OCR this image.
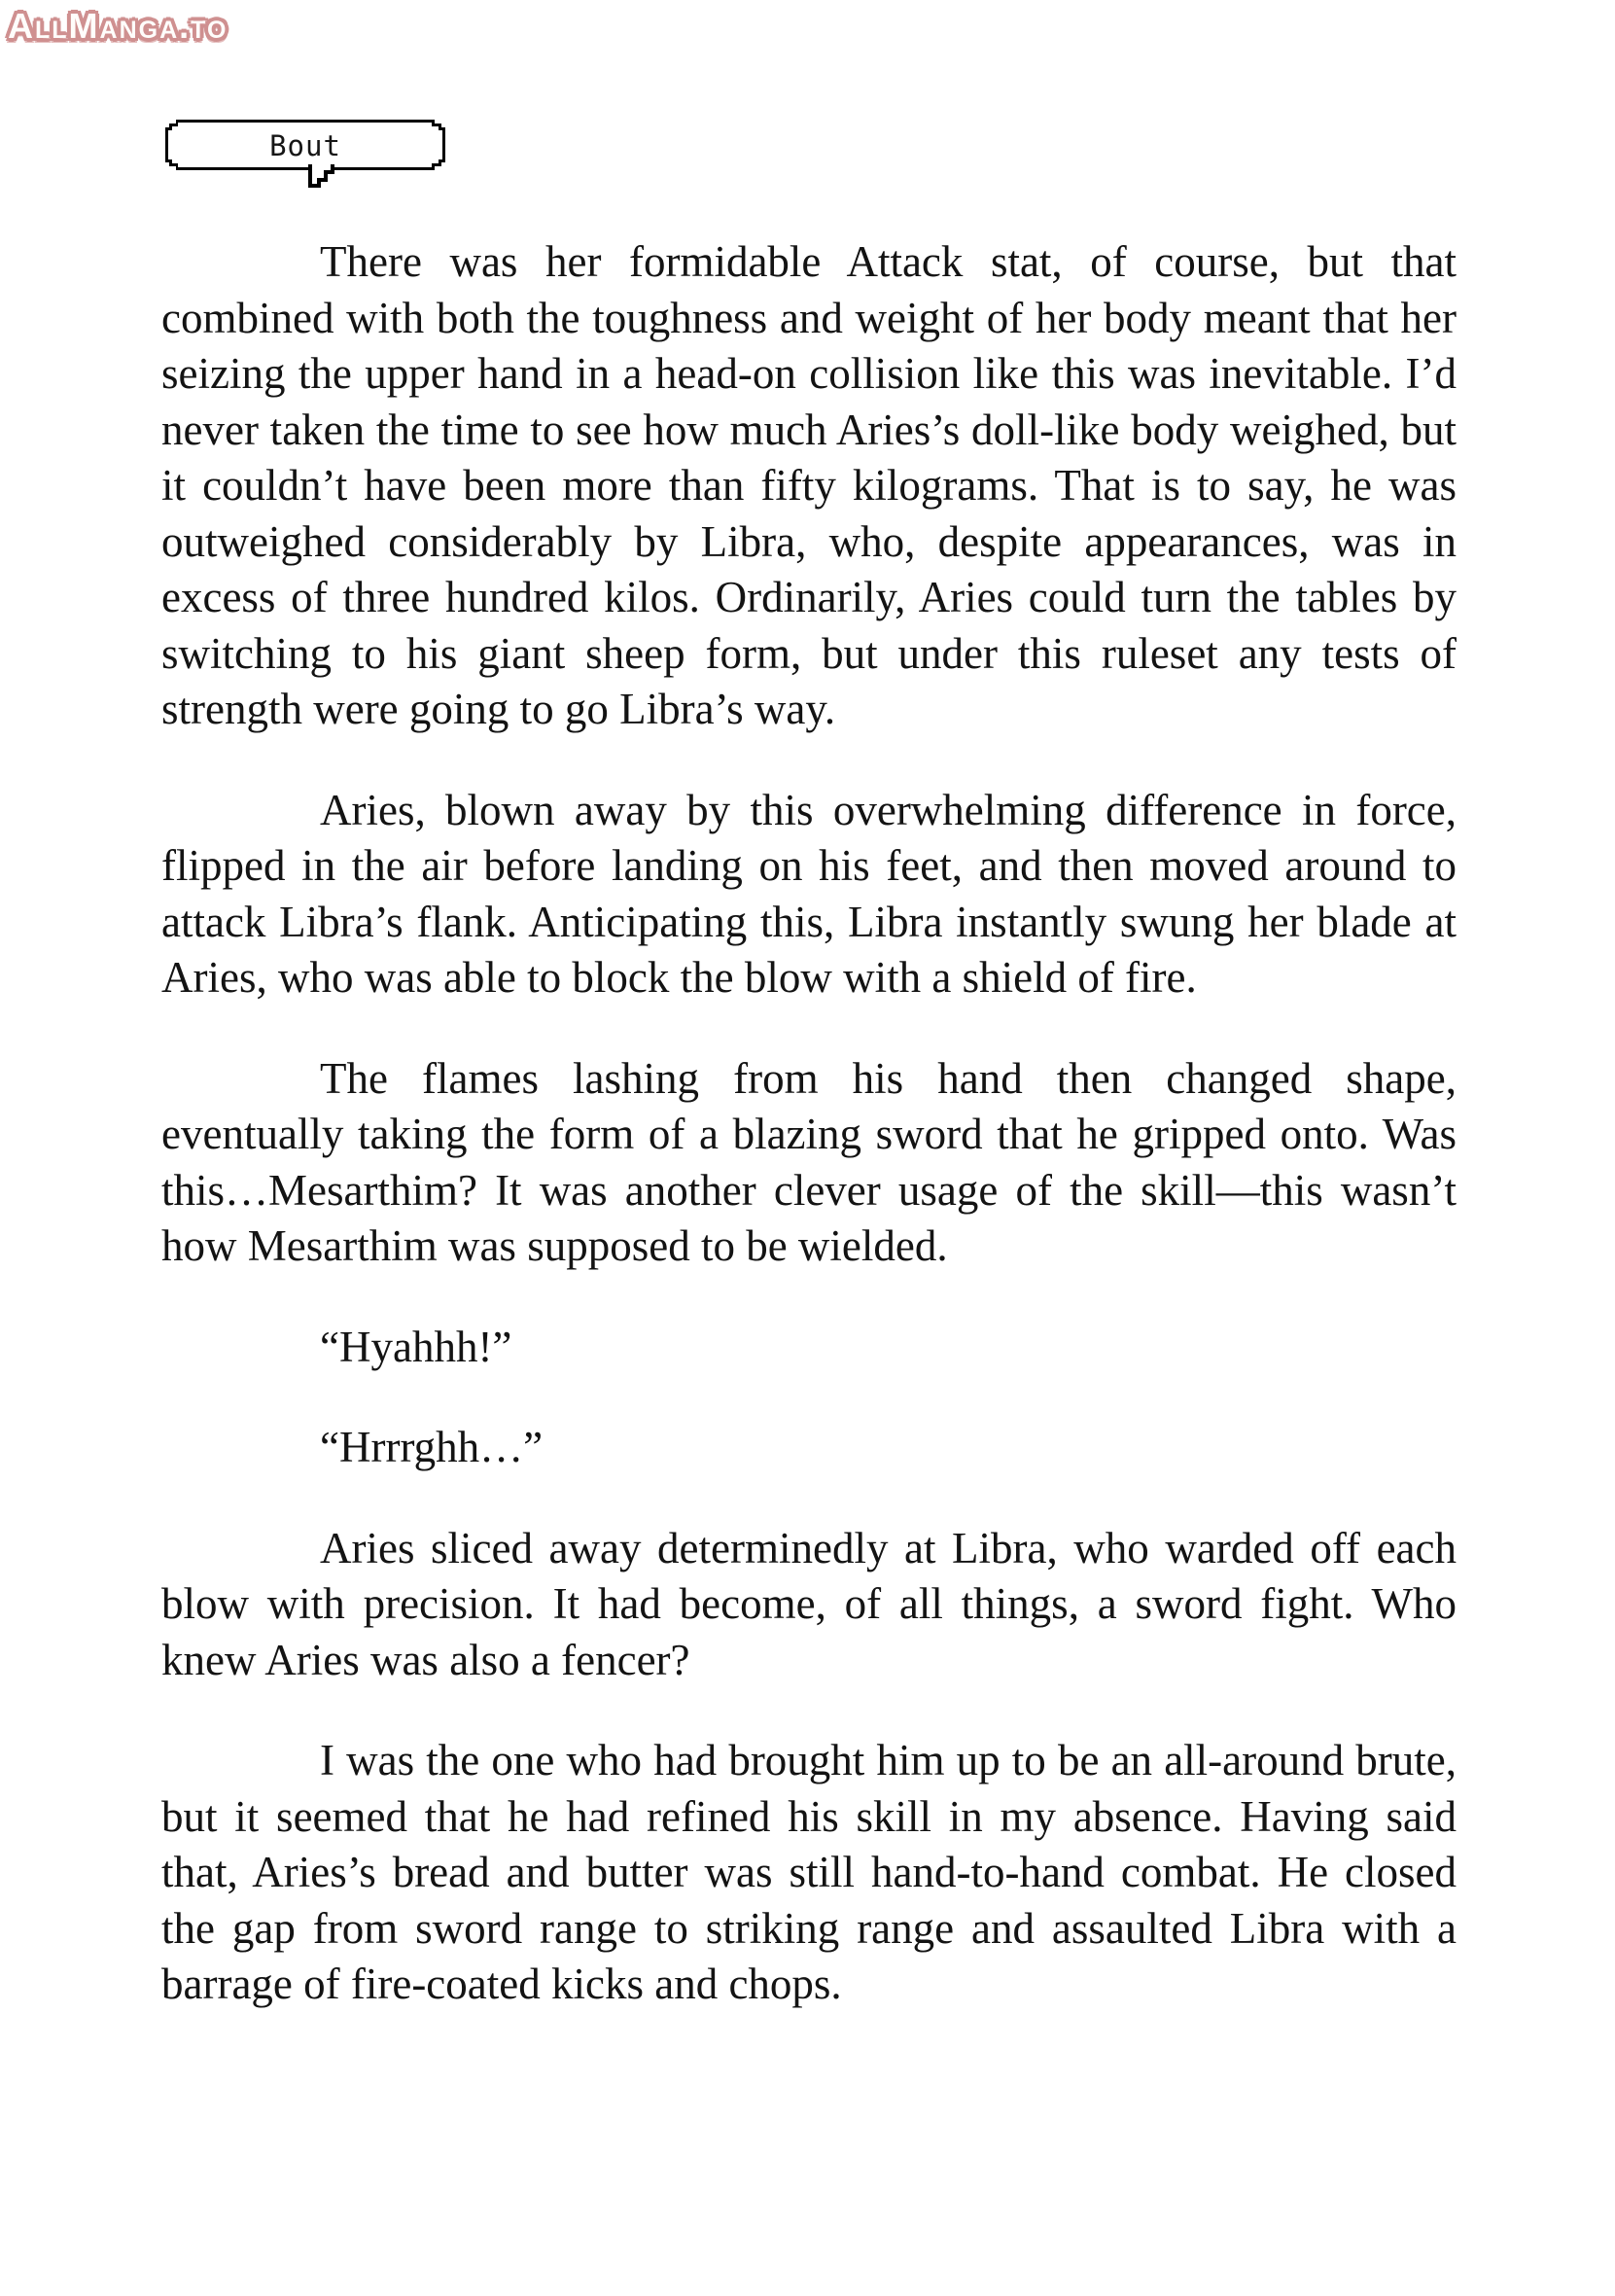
AllManga.to
Bout

There was her formidable Attack stat, of course, but that combined with both the toughness and weight of her body meant that her seizing the upper hand in a head-on collision like this was inevitable. I’d never taken the time to see how much Aries’s doll-like body weighed, but it couldn’t have been more than fifty kilograms. That is to say, he was outweighed considerably by Libra, who, despite appearances, was in excess of three hundred kilos. Ordinarily, Aries could turn the tables by switching to his giant sheep form, but under this ruleset any tests of strength were going to go Libra’s way.

Aries, blown away by this overwhelming difference in force, flipped in the air before landing on his feet, and then moved around to attack Libra’s flank. Anticipating this, Libra instantly swung her blade at Aries, who was able to block the blow with a shield of fire.

The flames lashing from his hand then changed shape, eventually taking the form of a blazing sword that he gripped onto. Was this…Mesarthim? It was another clever usage of the skill—this wasn’t how Mesarthim was supposed to be wielded.

“Hyahhh!”

“Hrrrghh…”

Aries sliced away determinedly at Libra, who warded off each blow with precision. It had become, of all things, a sword fight. Who knew Aries was also a fencer?

I was the one who had brought him up to be an all-around brute, but it seemed that he had refined his skill in my absence. Having said that, Aries’s bread and butter was still hand-to-hand combat. He closed the gap from sword range to striking range and assaulted Libra with a barrage of fire-coated kicks and chops.
